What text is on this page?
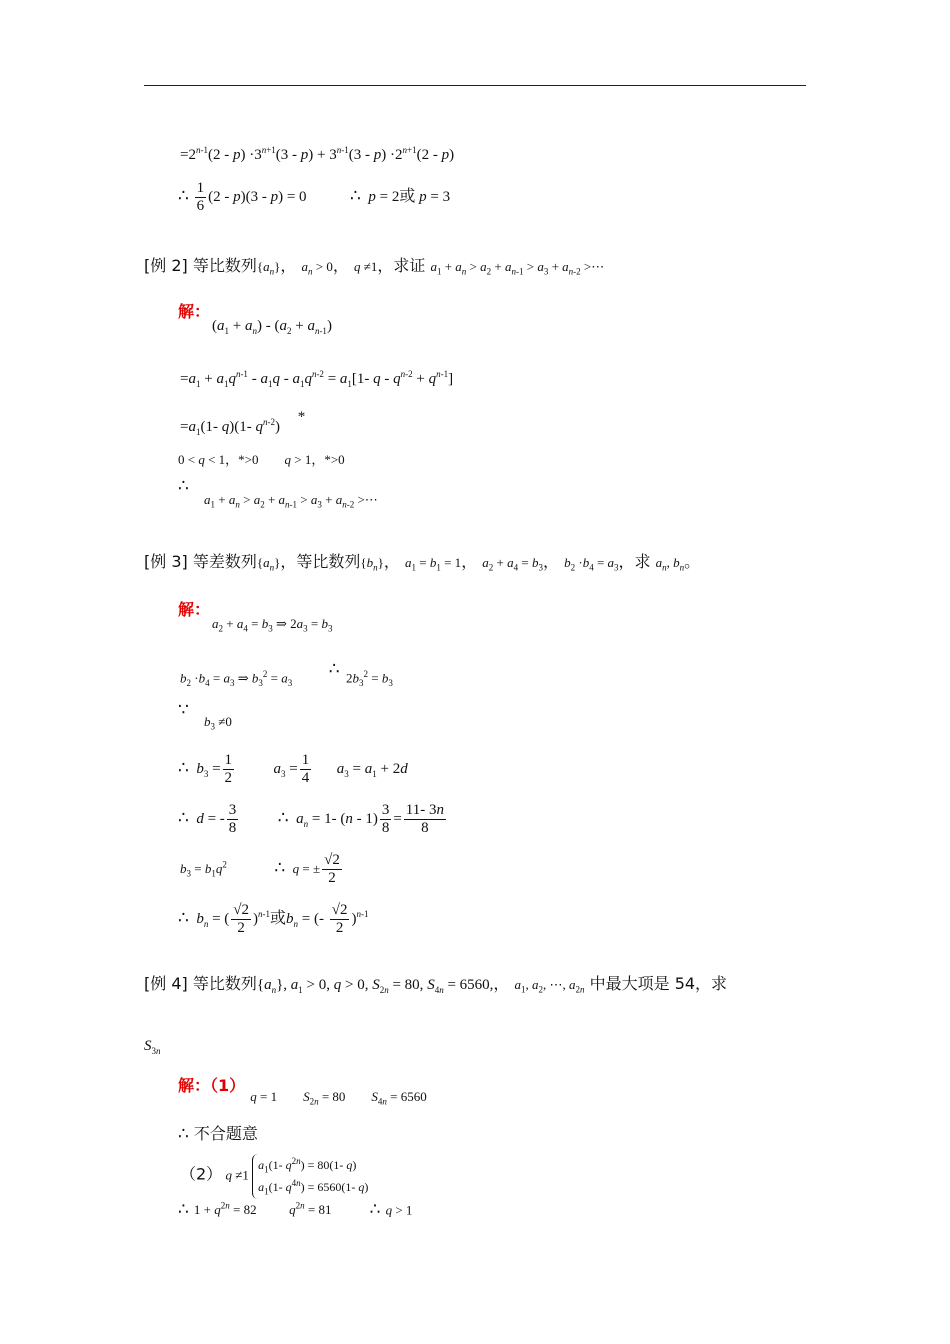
$=2^{n-1}(2 - p) \cdot 3^{n+1}(3 - p) + 3^{n-1}(3 - p) \cdot 2^{n+1}(2 - p)$
∴ $\frac{1}{6} (2 - p)(3 - p) = 0$  ∴ p = 2或 p = 3
[例 2] 等比数列$\{a_n\}$， $a_n > 0$， q ≠1，求证 $a_1 + a_n > a_2 + a_{n-1} > a_3 + a_{n-2}$ >⋯
解：
$(a_1 + a_n) - (a_2 + a_{n-1})$
$=a_1 + a_1q^{n-1} - a_1q - a_1q^{n-2} = a_1[1-$ $q - q^{n-2} + q^{n-1}$]
$=a_1(1-$ q)(1- $q^{n-2}$) *
0 < q < 1，*>0        q > 1，*>0
∴
$a_1 + a_n > a_2 + a_{n-1} > a_3 + a_{n-2}$ >⋯
[例 3] 等差数列$\{a_n\}$，等比数列$\{b_n\}$， $a_1 = b_1 = 1$， $a_2 + a_4 = b_3$， $b_2 \cdot b_4 = a_3$，求 $a_n$, $b_n$。
解：
$a_2 + a_4 = b_3$ ⇒ $2a_3 = b_3$
$b_2 \cdot b_4 = a_3$ ⇒ $b_3^2 = a_3$  ∴  $2b_3^2 = b_3$
∵
$b_3 \ne 0$
∴ $b_3 = \frac{1}{2}$	$a_3 = \frac{1}{4} a_3 = a_1 + 2d$
∴ d = - $\frac{3}{8}$ ∴ $a_n = 1-$ $(n - 1) \frac{3}{8} = \frac{11- 3n}{8}$
$b_3 = b_1q^2$	∴ q = ± $\frac{√2}{2}$
∴ $b_n$ = ( $\frac{√2}{2} )^{n-1}$或$b_n$ = (- $\frac{√2}{2} )^{n-1}$
[例 4] 等比数列$\{a_n\}$, $a_1 > 0$, q > 0, $S_{2n} = 80$, $S_{4n} = 6560$,， $a_1$, $a_2$, ⋯, $a_{2n}$ 中最大项是 54，求
$S_{3n}$
解：（1） $_{q = 1 S_{2n} = 80 S_{4n} = 6560}$
∴ 不合题意
（2） q ≠1 $a_1(1-$ $q^{2n}) = 80(1-$ q)
$a_1(1-$ $q^{4n}) = 6560(1-$ q)
∴ $1 + q^{2n} = 82$          $q^{2n} = 81$ ∴ q > 1
